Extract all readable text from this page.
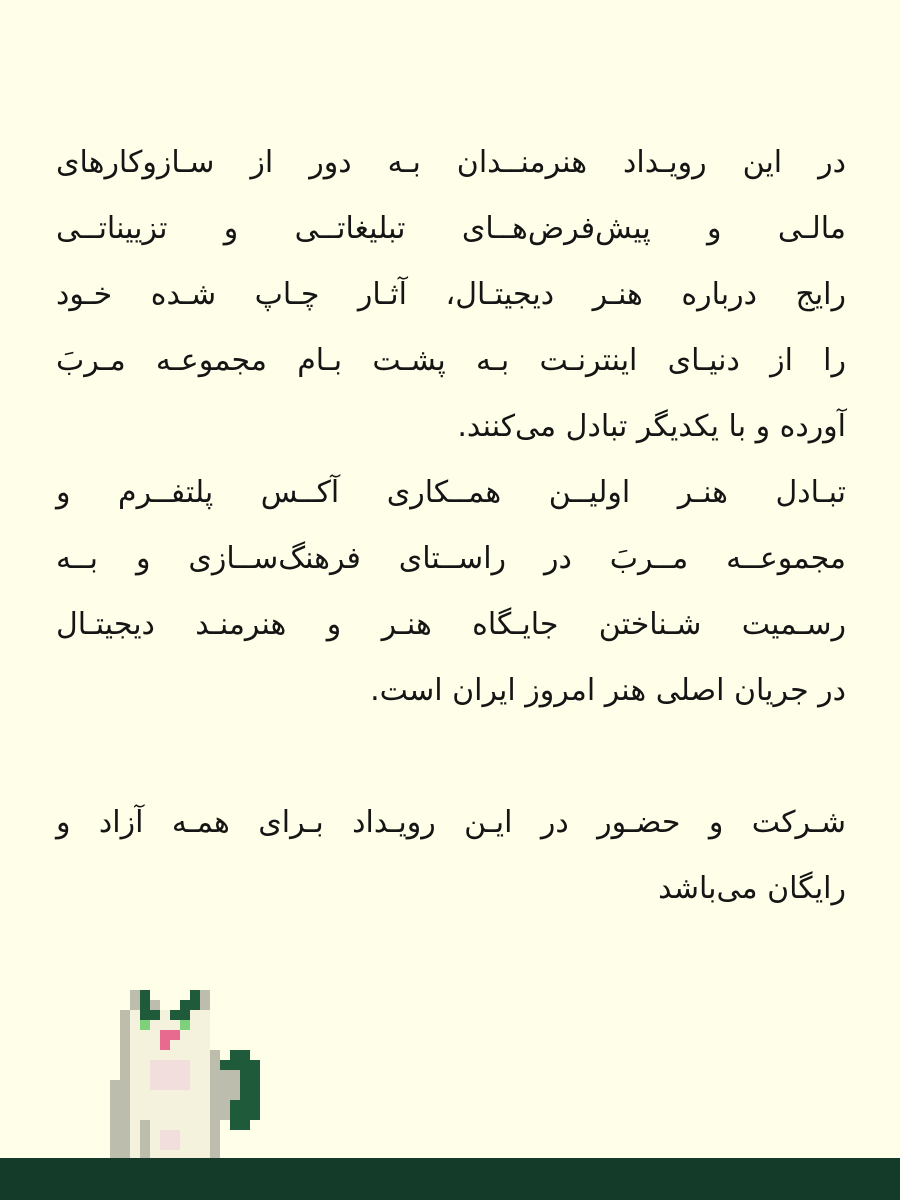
در این رویـداد هنرمنــدان بـه دور از سـازوکارهای
مالـی و پیش‌فرض‌هــای تبلیغاتــی و تزییناتــی
رایج درباره هنـر دیجیتـال، آثـار چـاپ شـده خـود
را از دنیـای اینترنـت بـه پشـت بـام مجموعـه مـربَ
آورده و با یکدیگر تبادل می‌کنند.
تبـادل هنـر اولیــن همــکاری آکــس پلتفــرم و
مجموعــه مــربَ در راســتای فرهنگ‌ســازی و بــه
رسـمیت شـناختن جایـگاه هنـر و هنرمنـد دیجیتـال
در جریان اصلی هنر امروز ایران است.
شـرکت و حضـور در ایـن رویـداد بـرای همـه آزاد و
رایگان می‌باشد
